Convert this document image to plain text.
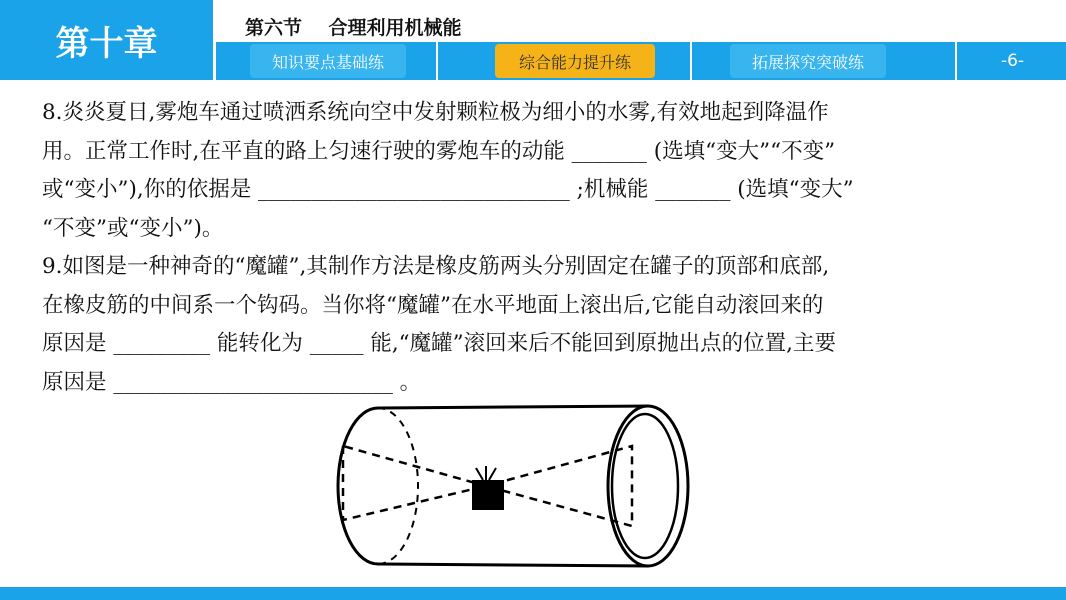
第十章	第六节    合理利用机械能
知识要点基础练	综合能力提升练	拓展探究突破练	-6-

8.炎炎夏日,雾炮车通过喷洒系统向空中发射颗粒极为细小的水雾,有效地起到降温作

用。正常工作时,在平直的路上匀速行驶的雾炮车的动能 _______ (选填“变大”“不变”

或“变小”),你的依据是 _____________________________ ;机械能 _______ (选填“变大”

“不变”或“变小”)。

9.如图是一种神奇的“魔罐”,其制作方法是橡皮筋两头分别固定在罐子的顶部和底部,

在橡皮筋的中间系一个钩码。当你将“魔罐”在水平地面上滚出后,它能自动滚回来的

原因是 _________ 能转化为 _____ 能,“魔罐”滚回来后不能回到原抛出点的位置,主要

原因是 __________________________ 。
